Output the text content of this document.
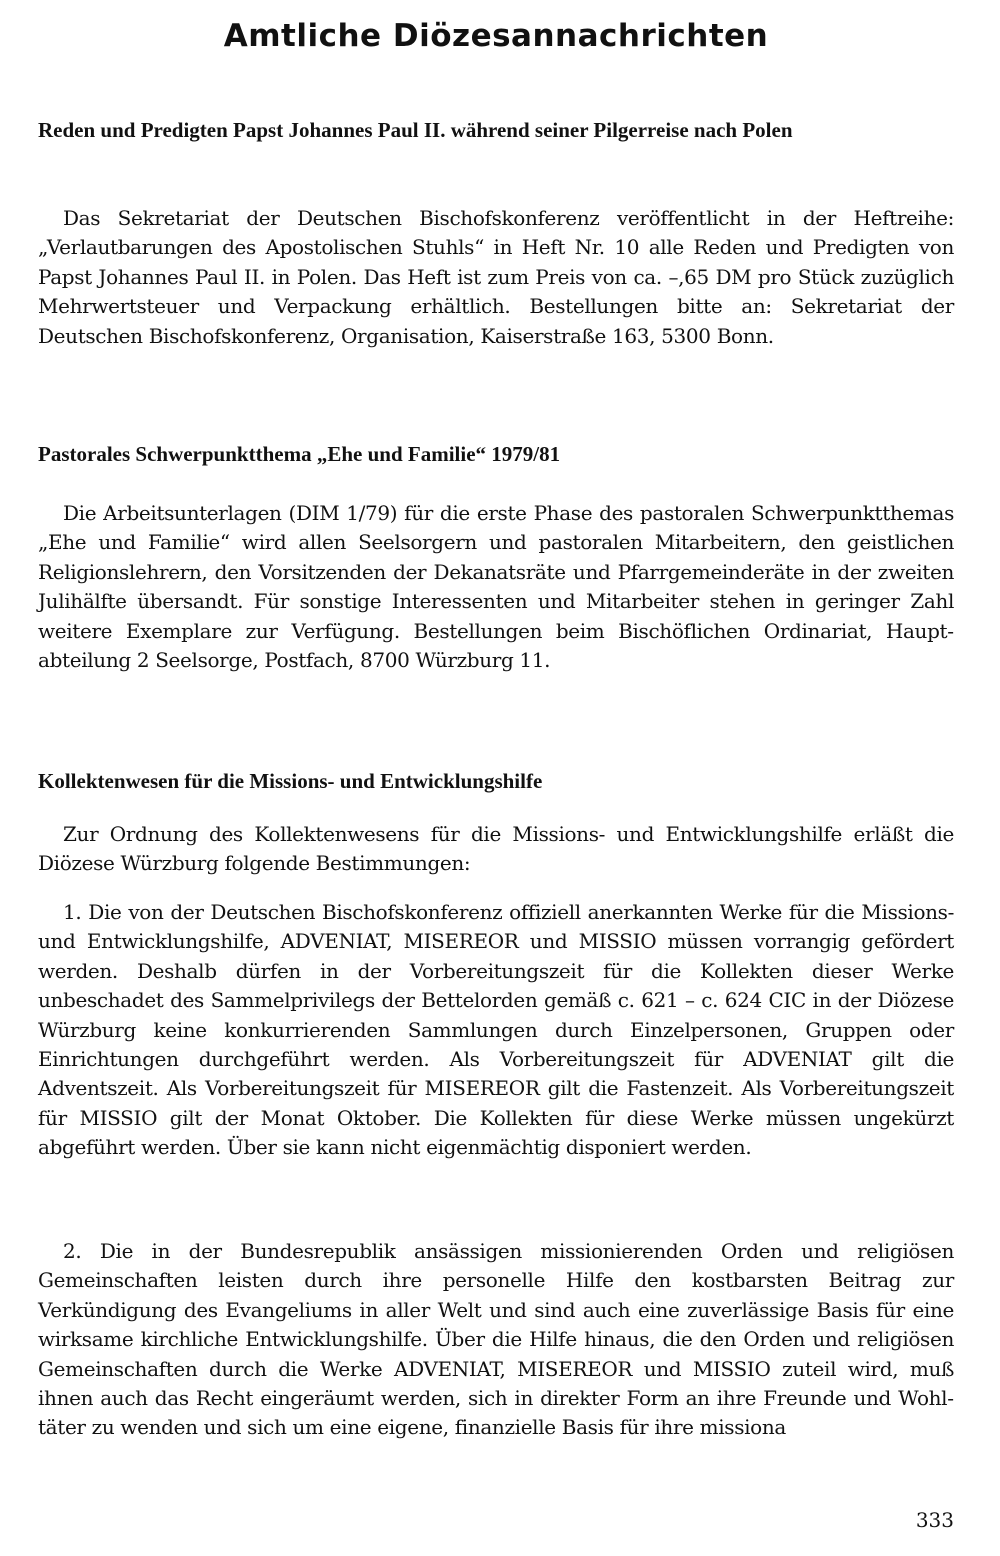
Amtliche Diözesannachrichten
Reden und Predigten Papst Johannes Paul II. während seiner Pilgerreise nach Polen

Das Sekretariat der Deutschen Bischofskonferenz veröffentlicht in der Heftreihe: „Verlautbarungen des Apostolischen Stuhls“ in Heft Nr. 10 alle Reden und Predigten von Papst Johannes Paul II. in Polen. Das Heft ist zum Preis von ca. –,65 DM pro Stück zuzüglich Mehrwertsteuer und Verpackung erhältlich. Bestellungen bitte an: Sekretariat der Deutschen Bischofskonferenz, Organisation, Kaiserstraße 163, 5300 Bonn.

Pastorales Schwerpunktthema „Ehe und Familie“ 1979/81

Die Arbeitsunterlagen (DIM 1/79) für die erste Phase des pastoralen Schwerpunktthemas „Ehe und Familie“ wird allen Seelsorgern und pastoralen Mitarbeitern, den geistlichen Religionslehrern, den Vorsitzenden der Dekanatsräte und Pfarrgemeinderäte in der zweiten Julihälfte übersandt. Für sonstige Interessenten und Mitarbeiter stehen in geringer Zahl weitere Exemplare zur Verfügung. Bestellungen beim Bischöflichen Ordinariat, Hauptabteilung 2 Seelsorge, Postfach, 8700 Würzburg 11.

Kollektenwesen für die Missions- und Entwicklungshilfe

Zur Ordnung des Kollektenwesens für die Missions- und Entwicklungshilfe erläßt die Diözese Würzburg folgende Bestimmungen:

1. Die von der Deutschen Bischofskonferenz offiziell anerkannten Werke für die Missions- und Entwicklungshilfe, ADVENIAT, MISEREOR und MISSIO müssen vorrangig gefördert werden. Deshalb dürfen in der Vorbereitungszeit für die Kollekten dieser Werke unbeschadet des Sammelprivilegs der Bettelorden gemäß c. 621 – c. 624 CIC in der Diözese Würzburg keine konkurrierenden Sammlungen durch Einzelpersonen, Gruppen oder Einrichtungen durchgeführt werden. Als Vorbereitungszeit für ADVENIAT gilt die Adventszeit. Als Vorbereitungszeit für MISEREOR gilt die Fastenzeit. Als Vorbereitungszeit für MISSIO gilt der Monat Oktober. Die Kollekten für diese Werke müssen ungekürzt abgeführt werden. Über sie kann nicht eigenmächtig disponiert werden.

2. Die in der Bundesrepublik ansässigen missionierenden Orden und religiösen Gemeinschaften leisten durch ihre personelle Hilfe den kostbarsten Beitrag zur Verkündigung des Evangeliums in aller Welt und sind auch eine zuverlässige Basis für eine wirksame kirchliche Entwicklungshilfe. Über die Hilfe hinaus, die den Orden und religiösen Gemeinschaften durch die Werke ADVENIAT, MISEREOR und MISSIO zuteil wird, muß ihnen auch das Recht eingeräumt werden, sich in direkter Form an ihre Freunde und Wohltäter zu wenden und sich um eine eigene, finanzielle Basis für ihre missiona

333
